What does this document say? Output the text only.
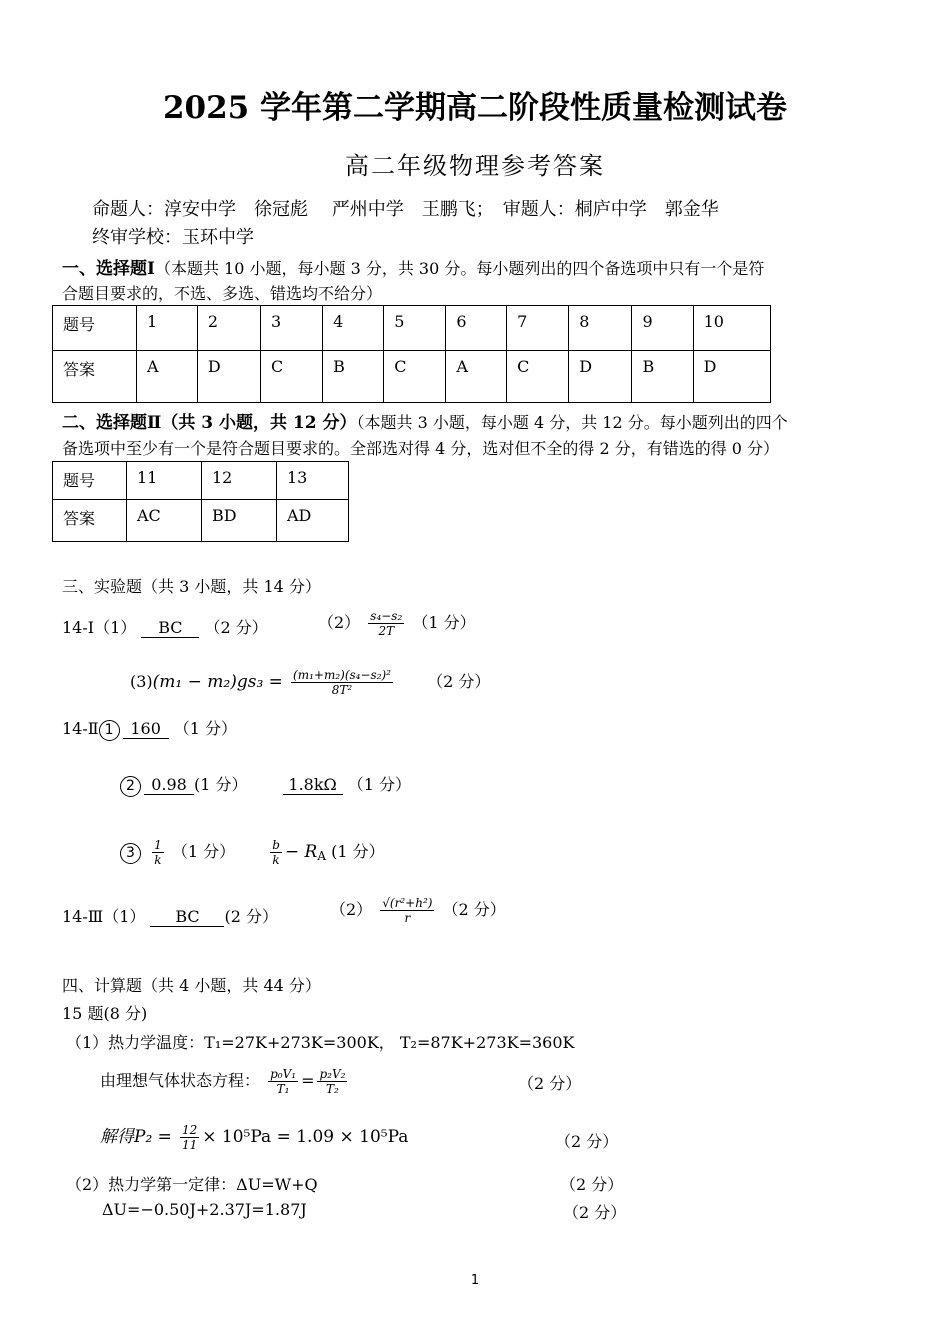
2025 学年第二学期高二阶段性质量检测试卷
高二年级物理参考答案
命题人：淳安中学　徐冠彪　 严州中学　王鹏飞；　审题人：桐庐中学　郭金华
终审学校：玉环中学
一、选择题Ⅰ（本题共 10 小题，每小题 3 分，共 30 分。每小题列出的四个备选项中只有一个是符
合题目要求的，不选、多选、错选均不给分）
题号	1	2	3	4	5	6	7	8	9	10
答案	A	D	C	B	C	A	C	D	B	D
二、选择题Ⅱ（共 3 小题，共 12 分）（本题共 3 小题，每小题 4 分，共 12 分。每小题列出的四个
备选项中至少有一个是符合题目要求的。全部选对得 4 分，选对但不全的得 2 分，有错选的得 0 分）
题号	11	12	13
答案	AC	BD	AD
三、实验题（共 3 小题，共 14 分）
14-Ⅰ（1） BC （2 分）	$(2) \frac{\text{s₄−s₂}}{2T} (1$ 分）
$(3)(m_1 - m_2)gs_3 = \frac{\text{(m₁+m₂)(s₄−s₂)²}}{\text{8T²}} (2$ 分）
14-Ⅱ 1 160 （1 分）
2 0.98 (1 分）	1.8kΩ （1 分）
$3 \frac{1}{k} (1$ 分）	$\frac{b}{k}$ − RA (1 分）
14-Ⅲ（1） BC (2 分）	$(2) \frac{\text{√(r²+h²)}}{r} (2$ 分）
四、计算题（共 4 小题，共 44 分）
15 题(8 分)
（1）热力学温度：T₁=27K+273K=300K， T₂=87K+273K=360K
由理想气体状态方程： $\frac{\text{p₀V₁}}{\text{T₁}} = \frac{\text{p₂V₂}}{\text{T₂}}$	（2 分）
解得$P_2 = \frac{12}{11} \times 10^5Pa = 1.09 \times 10^5Pa$	（2 分）
（2）热力学第一定律：ΔU=W+Q	（2 分）
ΔU=−0.50J+2.37J=1.87J	（2 分）
1
